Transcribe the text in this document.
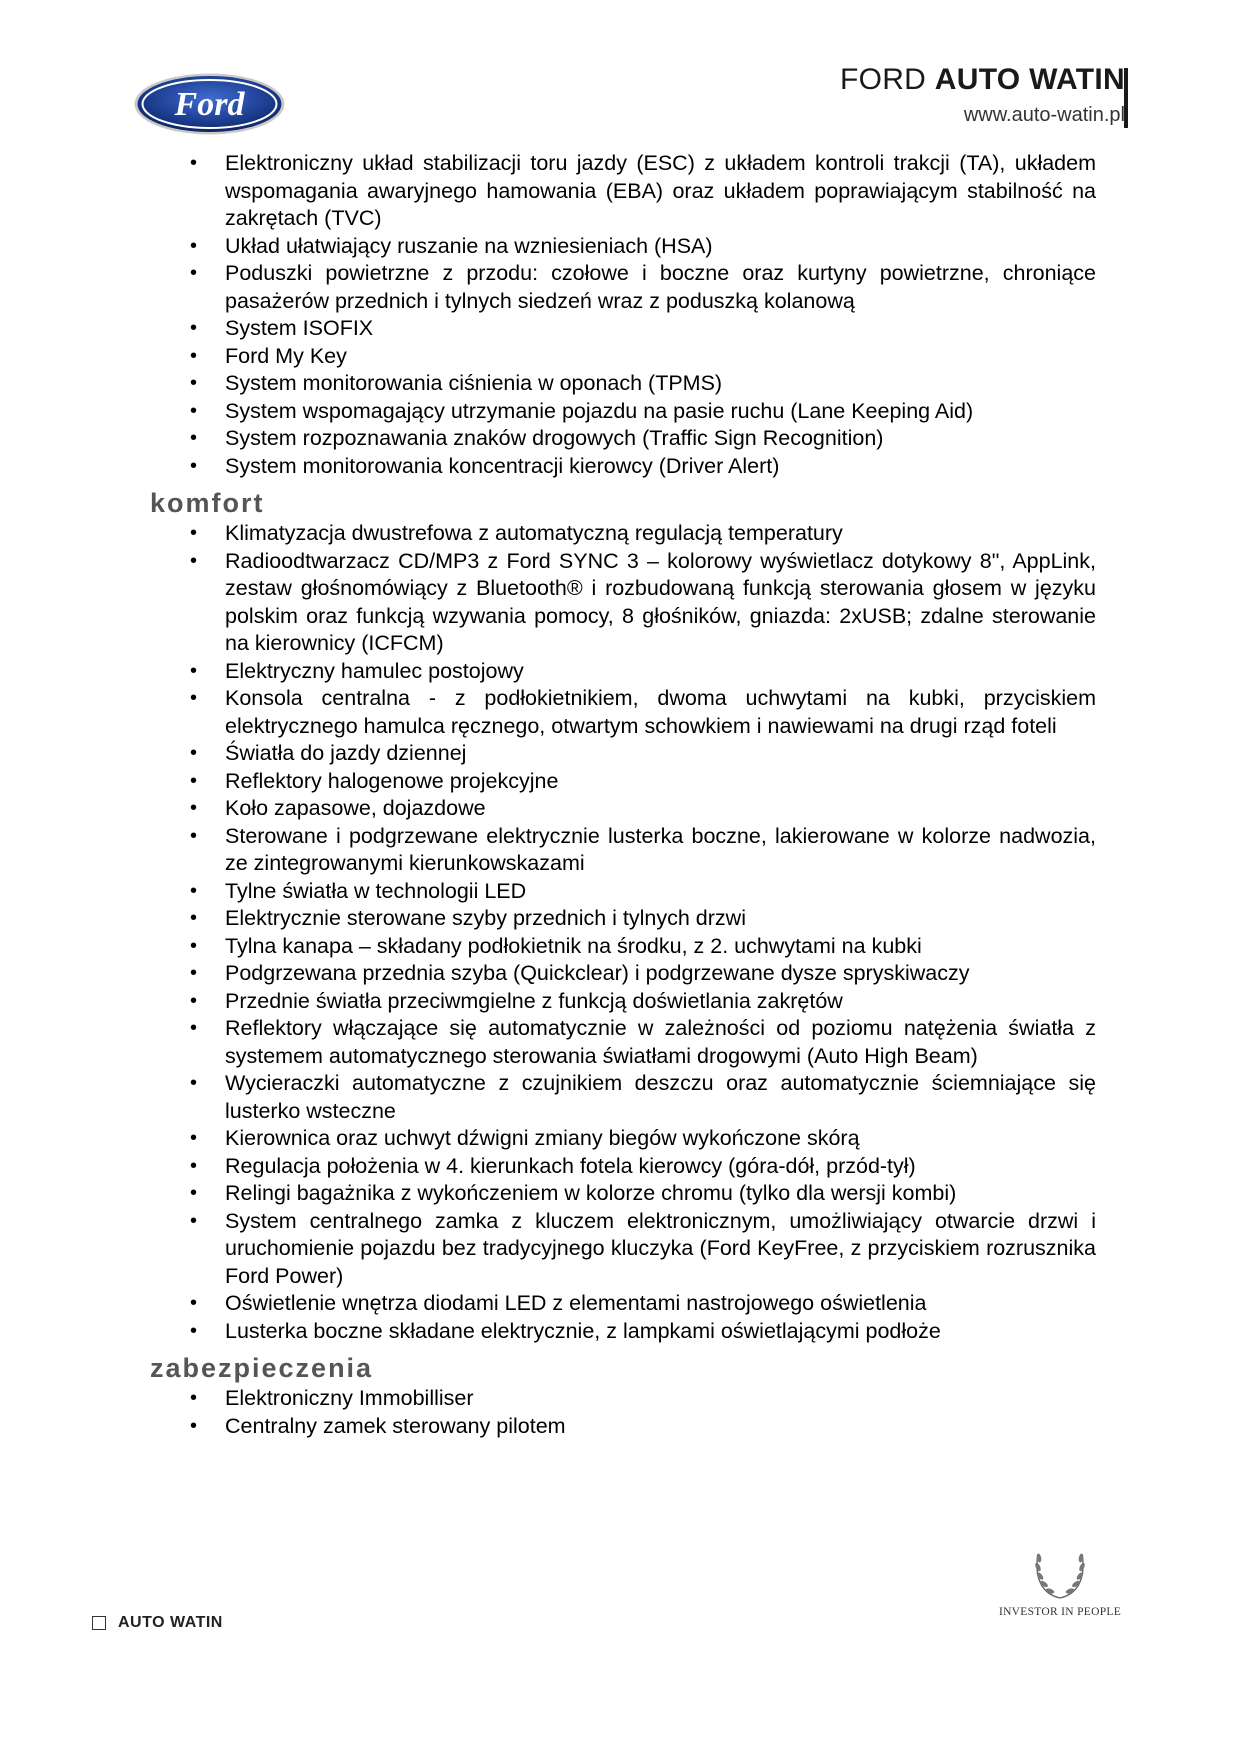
Ford
FORD AUTO WATIN
www.auto-watin.pl
• Elektroniczny układ stabilizacji toru jazdy (ESC) z układem kontroli trakcji (TA), układem wspomagania awaryjnego hamowania (EBA) oraz układem poprawiającym stabilność na zakrętach (TVC)
• Układ ułatwiający ruszanie na wzniesieniach (HSA)
• Poduszki powietrzne z przodu: czołowe i boczne oraz kurtyny powietrzne, chroniące pasażerów przednich i tylnych siedzeń wraz z poduszką kolanową
• System ISOFIX
• Ford My Key
• System monitorowania ciśnienia w oponach (TPMS)
• System wspomagający utrzymanie pojazdu na pasie ruchu (Lane Keeping Aid)
• System rozpoznawania znaków drogowych (Traffic Sign Recognition)
• System monitorowania koncentracji kierowcy (Driver Alert)
komfort
• Klimatyzacja dwustrefowa z automatyczną regulacją temperatury
• Radioodtwarzacz CD/MP3 z Ford SYNC 3 – kolorowy wyświetlacz dotykowy 8", AppLink, zestaw głośnomówiący z Bluetooth® i rozbudowaną funkcją sterowania głosem w języku polskim oraz funkcją wzywania pomocy, 8 głośników, gniazda: 2xUSB; zdalne sterowanie na kierownicy (ICFCM)
• Elektryczny hamulec postojowy
• Konsola centralna - z podłokietnikiem, dwoma uchwytami na kubki, przyciskiem elektrycznego hamulca ręcznego, otwartym schowkiem i nawiewami na drugi rząd foteli
• Światła do jazdy dziennej
• Reflektory halogenowe projekcyjne
• Koło zapasowe, dojazdowe
• Sterowane i podgrzewane elektrycznie lusterka boczne, lakierowane w kolorze nadwozia, ze zintegrowanymi kierunkowskazami
• Tylne światła w technologii LED
• Elektrycznie sterowane szyby przednich i tylnych drzwi
• Tylna kanapa – składany podłokietnik na środku, z 2. uchwytami na kubki
• Podgrzewana przednia szyba (Quickclear) i podgrzewane dysze spryskiwaczy
• Przednie światła przeciwmgielne z funkcją doświetlania zakrętów
• Reflektory włączające się automatycznie w zależności od poziomu natężenia światła z systemem automatycznego sterowania światłami drogowymi (Auto High Beam)
• Wycieraczki automatyczne z czujnikiem deszczu oraz automatycznie ściemniające się lusterko wsteczne
• Kierownica oraz uchwyt dźwigni zmiany biegów wykończone skórą
• Regulacja położenia w 4. kierunkach fotela kierowcy (góra-dół, przód-tył)
• Relingi bagażnika z wykończeniem w kolorze chromu (tylko dla wersji kombi)
• System centralnego zamka z kluczem elektronicznym, umożliwiający otwarcie drzwi i uruchomienie pojazdu bez tradycyjnego kluczyka (Ford KeyFree, z przyciskiem rozrusznika Ford Power)
• Oświetlenie wnętrza diodami LED z elementami nastrojowego oświetlenia
• Lusterka boczne składane elektrycznie, z lampkami oświetlającymi podłoże
zabezpieczenia
• Elektroniczny Immobilliser
• Centralny zamek sterowany pilotem
AUTO WATIN
INVESTOR IN PEOPLE
